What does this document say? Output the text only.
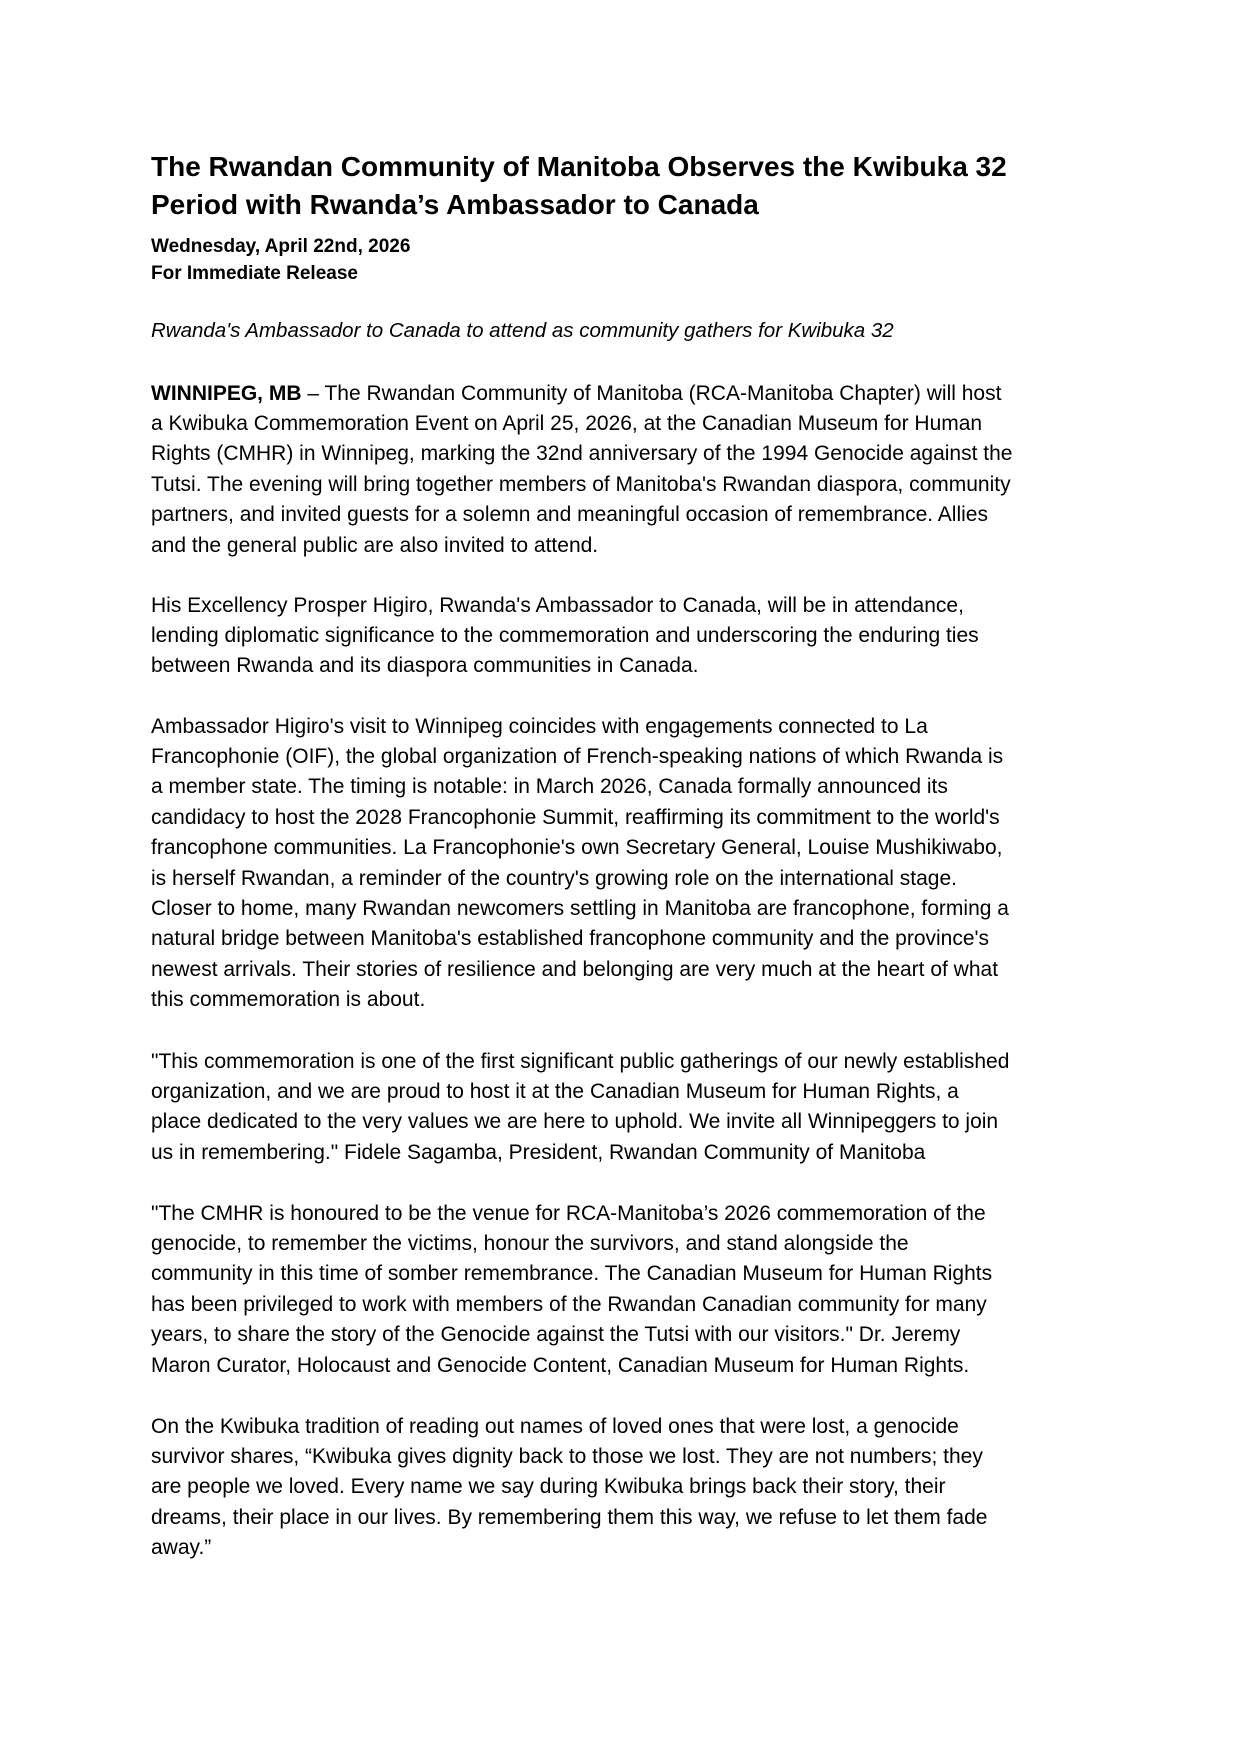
The Rwandan Community of Manitoba Observes the Kwibuka 32
Period with Rwanda’s Ambassador to Canada
Wednesday, April 22nd, 2026
For Immediate Release
Rwanda's Ambassador to Canada to attend as community gathers for Kwibuka 32
WINNIPEG, MB – The Rwandan Community of Manitoba (RCA-Manitoba Chapter) will host
a Kwibuka Commemoration Event on April 25, 2026, at the Canadian Museum for Human
Rights (CMHR) in Winnipeg, marking the 32nd anniversary of the 1994 Genocide against the
Tutsi. The evening will bring together members of Manitoba's Rwandan diaspora, community
partners, and invited guests for a solemn and meaningful occasion of remembrance. Allies
and the general public are also invited to attend.
His Excellency Prosper Higiro, Rwanda's Ambassador to Canada, will be in attendance,
lending diplomatic significance to the commemoration and underscoring the enduring ties
between Rwanda and its diaspora communities in Canada.
Ambassador Higiro's visit to Winnipeg coincides with engagements connected to La
Francophonie (OIF), the global organization of French-speaking nations of which Rwanda is
a member state. The timing is notable: in March 2026, Canada formally announced its
candidacy to host the 2028 Francophonie Summit, reaffirming its commitment to the world's
francophone communities. La Francophonie's own Secretary General, Louise Mushikiwabo,
is herself Rwandan, a reminder of the country's growing role on the international stage.
Closer to home, many Rwandan newcomers settling in Manitoba are francophone, forming a
natural bridge between Manitoba's established francophone community and the province's
newest arrivals. Their stories of resilience and belonging are very much at the heart of what
this commemoration is about.
"This commemoration is one of the first significant public gatherings of our newly established
organization, and we are proud to host it at the Canadian Museum for Human Rights, a
place dedicated to the very values we are here to uphold. We invite all Winnipeggers to join
us in remembering." Fidele Sagamba, President, Rwandan Community of Manitoba
"The CMHR is honoured to be the venue for RCA-Manitoba’s 2026 commemoration of the
genocide, to remember the victims, honour the survivors, and stand alongside the
community in this time of somber remembrance. The Canadian Museum for Human Rights
has been privileged to work with members of the Rwandan Canadian community for many
years, to share the story of the Genocide against the Tutsi with our visitors." Dr. Jeremy
Maron Curator, Holocaust and Genocide Content, Canadian Museum for Human Rights.
On the Kwibuka tradition of reading out names of loved ones that were lost, a genocide
survivor shares, “Kwibuka gives dignity back to those we lost. They are not numbers; they
are people we loved. Every name we say during Kwibuka brings back their story, their
dreams, their place in our lives. By remembering them this way, we refuse to let them fade
away.”
